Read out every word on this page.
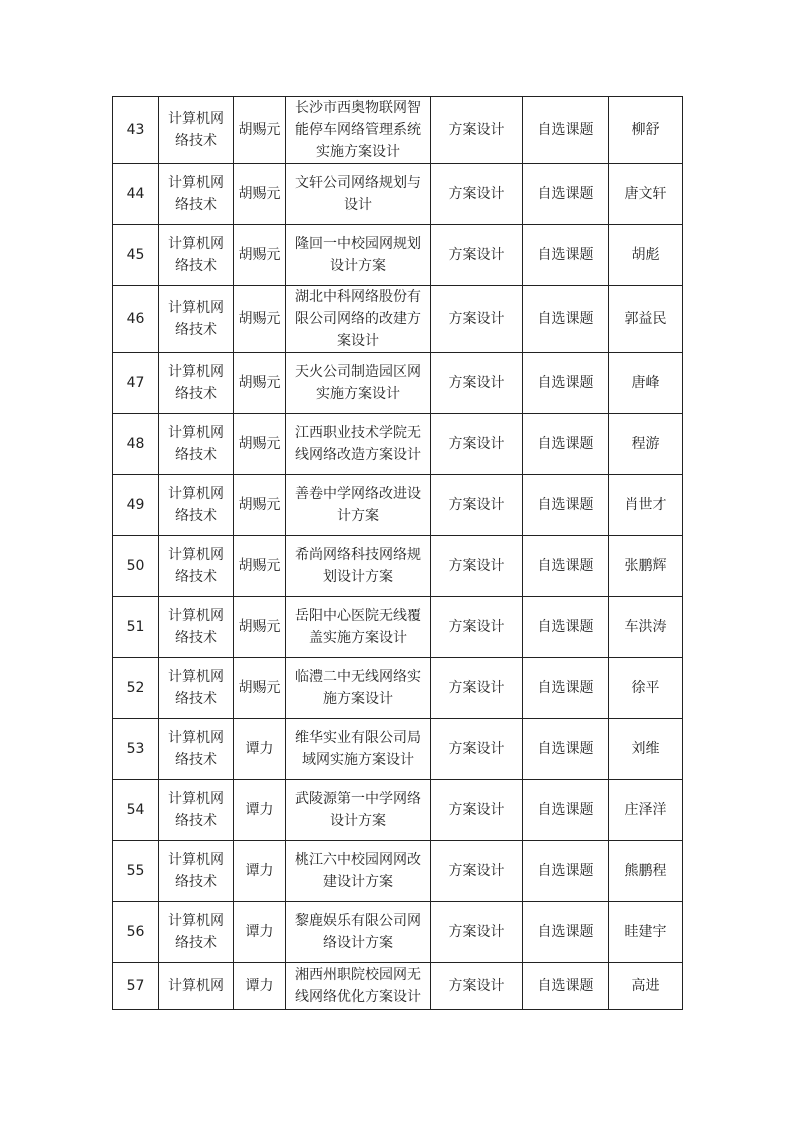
43	计算机网络技术	胡赐元	长沙市西奥物联网智能停车网络管理系统实施方案设计	方案设计	自选课题	柳舒
44	计算机网络技术	胡赐元	文轩公司网络规划与设计	方案设计	自选课题	唐文轩
45	计算机网络技术	胡赐元	隆回一中校园网规划设计方案	方案设计	自选课题	胡彪
46	计算机网络技术	胡赐元	湖北中科网络股份有限公司网络的改建方案设计	方案设计	自选课题	郭益民
47	计算机网络技术	胡赐元	天火公司制造园区网实施方案设计	方案设计	自选课题	唐峰
48	计算机网络技术	胡赐元	江西职业技术学院无线网络改造方案设计	方案设计	自选课题	程游
49	计算机网络技术	胡赐元	善卷中学网络改进设计方案	方案设计	自选课题	肖世才
50	计算机网络技术	胡赐元	希尚网络科技网络规划设计方案	方案设计	自选课题	张鹏辉
51	计算机网络技术	胡赐元	岳阳中心医院无线覆盖实施方案设计	方案设计	自选课题	车洪涛
52	计算机网络技术	胡赐元	临澧二中无线网络实施方案设计	方案设计	自选课题	徐平
53	计算机网络技术	谭力	维华实业有限公司局域网实施方案设计	方案设计	自选课题	刘维
54	计算机网络技术	谭力	武陵源第一中学网络设计方案	方案设计	自选课题	庄泽洋
55	计算机网络技术	谭力	桃江六中校园网网改建设计方案	方案设计	自选课题	熊鹏程
56	计算机网络技术	谭力	黎鹿娱乐有限公司网络设计方案	方案设计	自选课题	眭建宇
57	计算机网	谭力	湘西州职院校园网无线网络优化方案设计	方案设计	自选课题	高进
